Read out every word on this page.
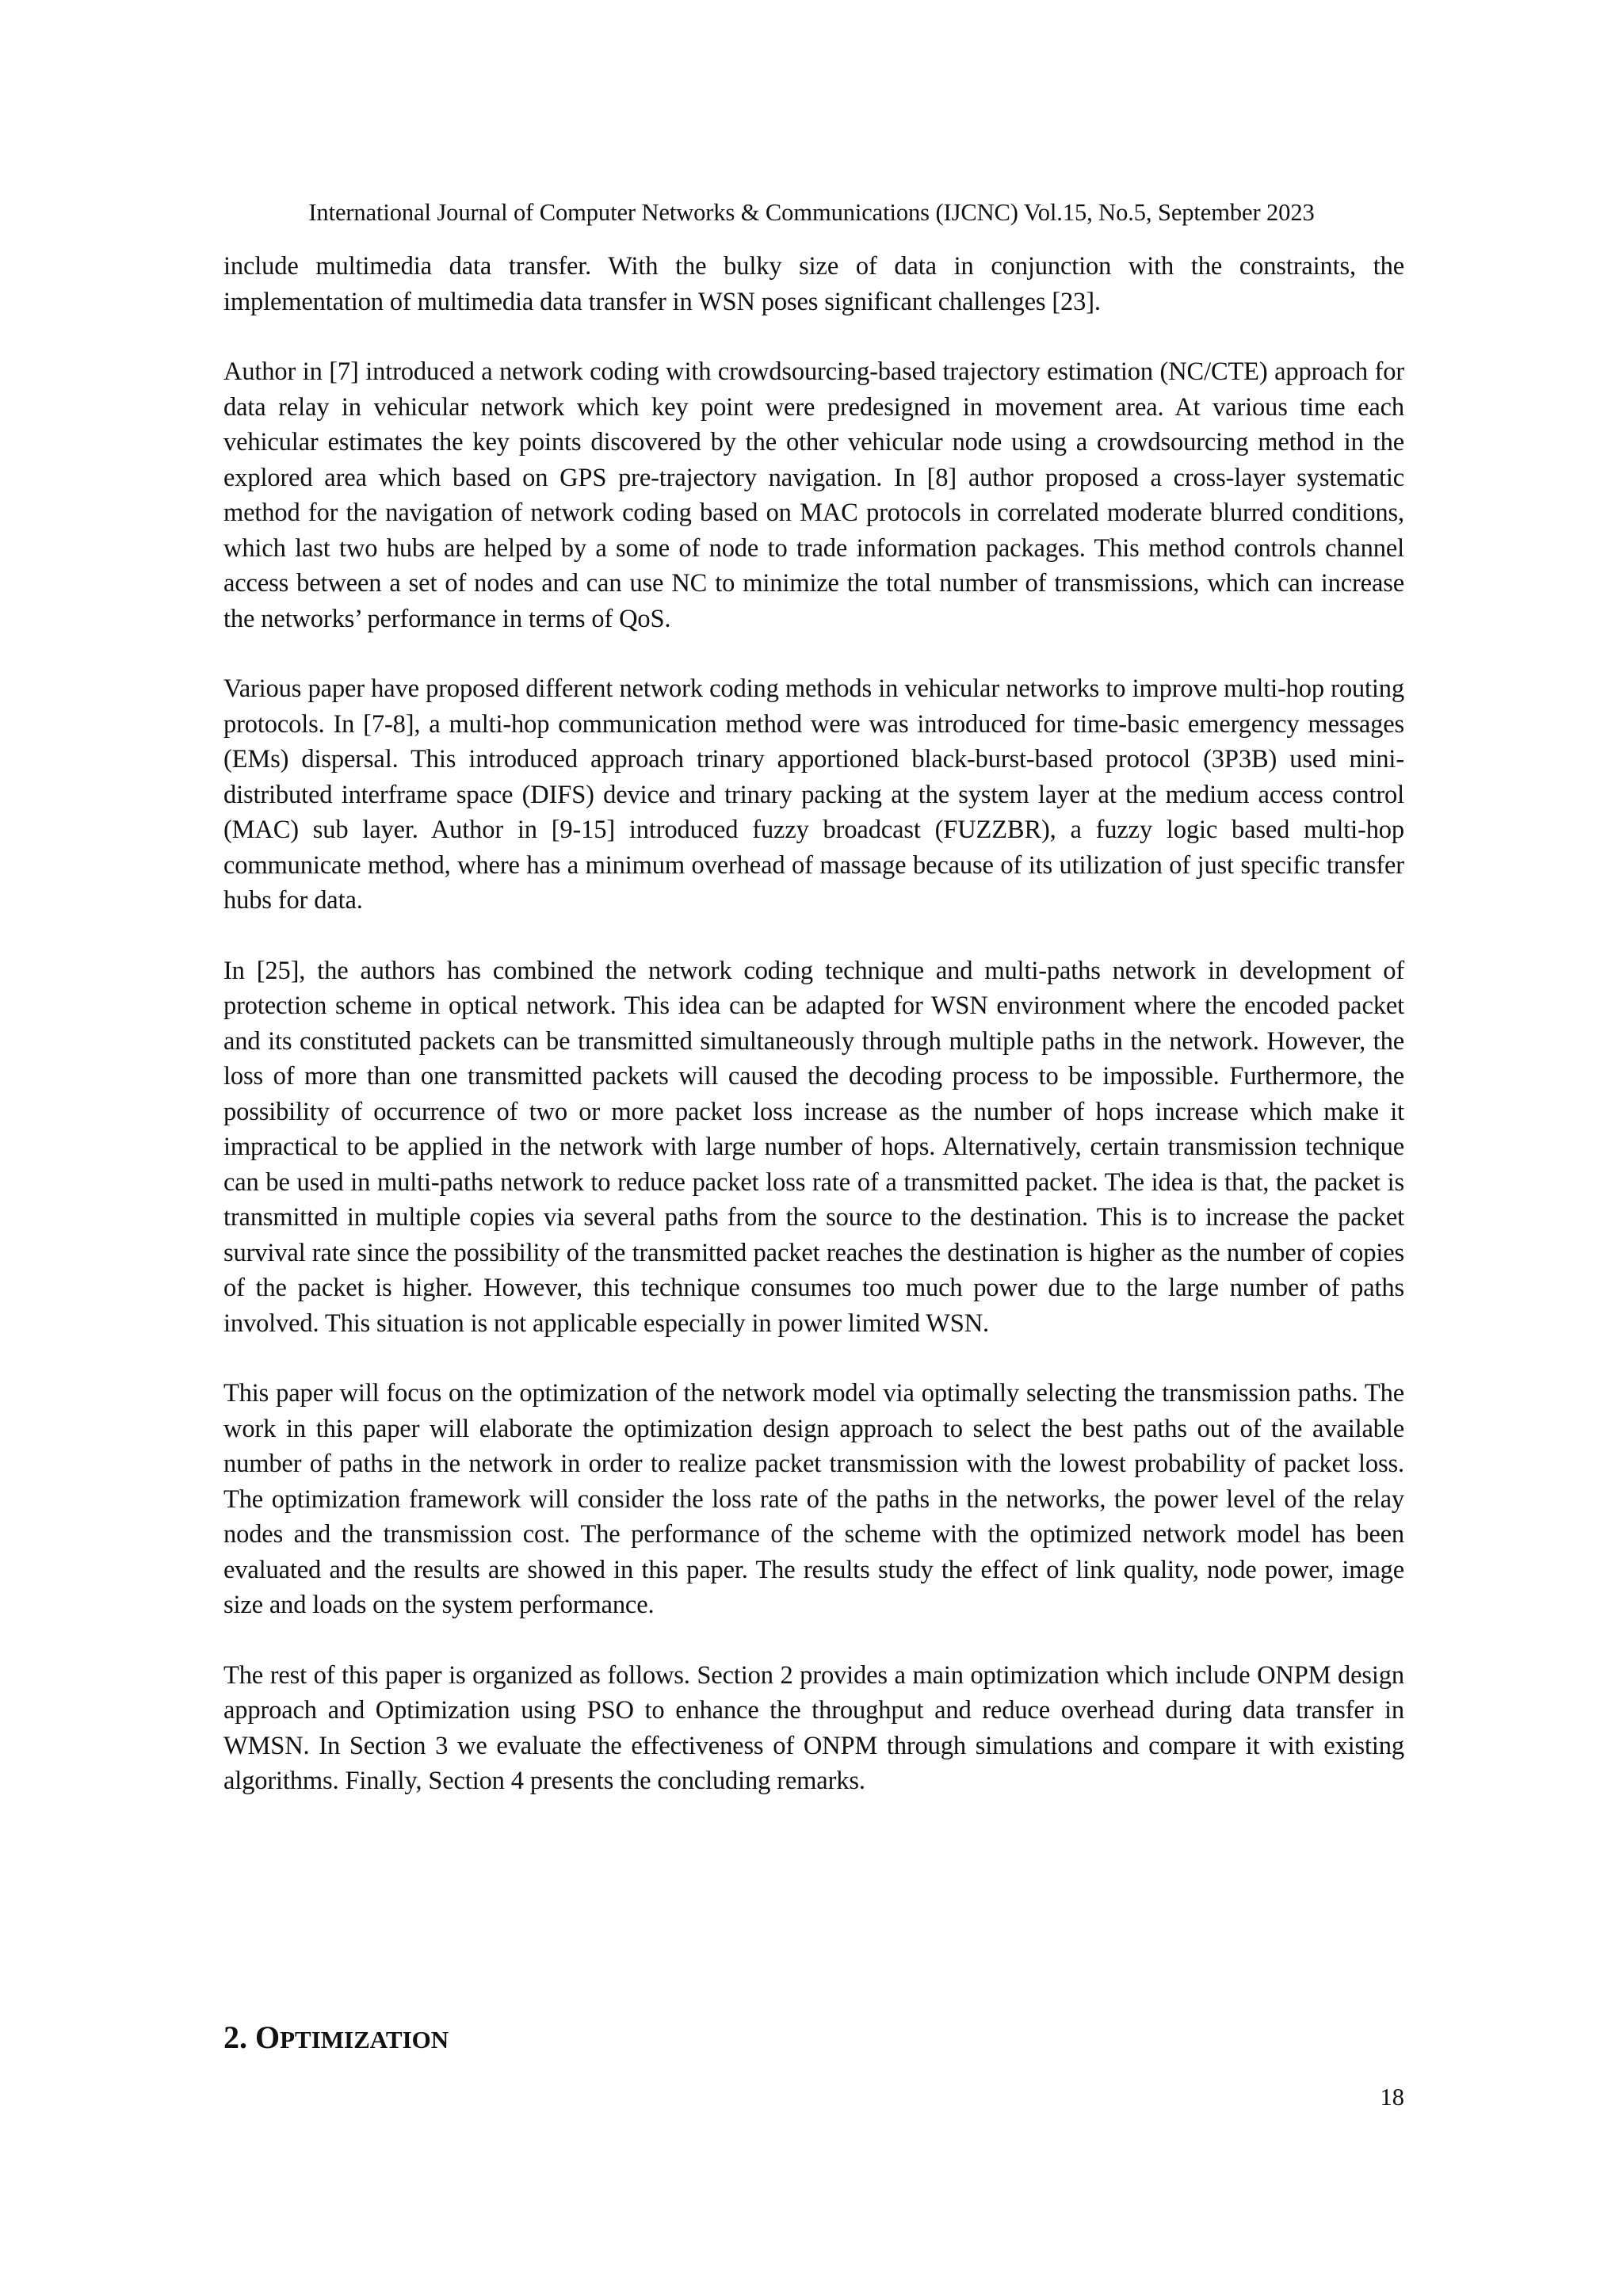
International Journal of Computer Networks & Communications (IJCNC) Vol.15, No.5, September 2023

include multimedia data transfer. With the bulky size of data in conjunction with the constraints, the implementation of multimedia data transfer in WSN poses significant challenges [23].

Author in [7] introduced a network coding with crowdsourcing-based trajectory estimation (NC/CTE) approach for data relay in vehicular network which key point were predesigned in movement area. At various time each vehicular estimates the key points discovered by the other vehicular node using a crowdsourcing method in the explored area which based on GPS pre-trajectory navigation. In [8] author proposed a cross-layer systematic method for the navigation of network coding based on MAC protocols in correlated moderate blurred conditions, which last two hubs are helped by a some of node to trade information packages. This method controls channel access between a set of nodes and can use NC to minimize the total number of transmissions, which can increase the networks’ performance in terms of QoS.

Various paper have proposed different network coding methods in vehicular networks to improve multi-hop routing protocols. In [7-8], a multi-hop communication method were was introduced for time-basic emergency messages (EMs) dispersal. This introduced approach trinary apportioned black-burst-based protocol (3P3B) used mini-distributed interframe space (DIFS) device and trinary packing at the system layer at the medium access control (MAC) sub layer. Author in [9-15] introduced fuzzy broadcast (FUZZBR), a fuzzy logic based multi-hop communicate method, where has a minimum overhead of massage because of its utilization of just specific transfer hubs for data.

In [25], the authors has combined the network coding technique and multi-paths network in development of protection scheme in optical network. This idea can be adapted for WSN environment where the encoded packet and its constituted packets can be transmitted simultaneously through multiple paths in the network. However, the loss of more than one transmitted packets will caused the decoding process to be impossible. Furthermore, the possibility of occurrence of two or more packet loss increase as the number of hops increase which make it impractical to be applied in the network with large number of hops. Alternatively, certain transmission technique can be used in multi-paths network to reduce packet loss rate of a transmitted packet. The idea is that, the packet is transmitted in multiple copies via several paths from the source to the destination. This is to increase the packet survival rate since the possibility of the transmitted packet reaches the destination is higher as the number of copies of the packet is higher. However, this technique consumes too much power due to the large number of paths involved. This situation is not applicable especially in power limited WSN.

This paper will focus on the optimization of the network model via optimally selecting the transmission paths. The work in this paper will elaborate the optimization design approach to select the best paths out of the available number of paths in the network in order to realize packet transmission with the lowest probability of packet loss. The optimization framework will consider the loss rate of the paths in the networks, the power level of the relay nodes and the transmission cost. The performance of the scheme with the optimized network model has been evaluated and the results are showed in this paper. The results study the effect of link quality, node power, image size and loads on the system performance.

The rest of this paper is organized as follows. Section 2 provides a main optimization which include ONPM design approach and Optimization using PSO to enhance the throughput and reduce overhead during data transfer in WMSN. In Section 3 we evaluate the effectiveness of ONPM through simulations and compare it with existing algorithms. Finally, Section 4 presents the concluding remarks.

2. OPTIMIZATION
18
